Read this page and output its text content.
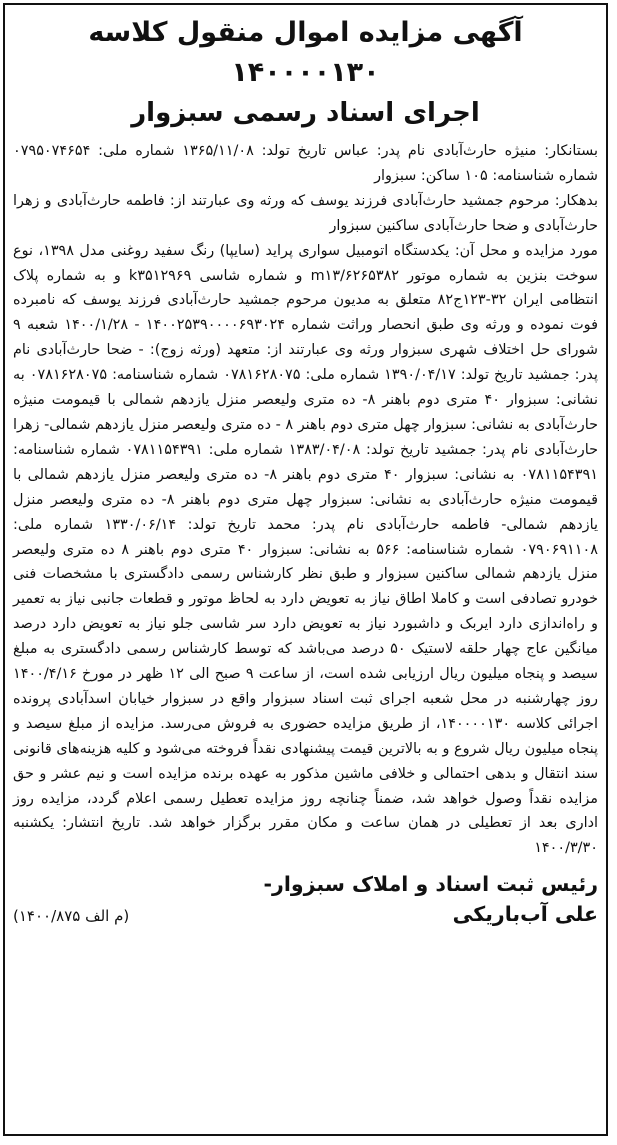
آگهی مزایده اموال منقول کلاسه ۱۴۰۰۰۰۱۳۰
اجرای اسناد رسمی سبزوار

بستانکار: منیژه حارث‌آبادی نام پدر: عباس تاریخ تولد: ۱۳۶۵/۱۱/۰۸ شماره ملی: ۰۷۹۵۰۷۴۶۵۴ شماره شناسنامه: ۱۰۵ ساکن: سبزوار

بدهکار: مرحوم جمشید حارث‌آبادی فرزند یوسف که ورثه وی عبارتند از: فاطمه حارث‌آبادی و زهرا حارث‌آبادی و ضحا حارث‌آبادی ساکنین سبزوار

مورد مزایده و محل آن: یکدستگاه اتومبیل سواری پراید (سایپا) رنگ سفید روغنی مدل ۱۳۹۸، نوع سوخت بنزین به شماره موتور m۱۳/۶۲۶۵۳۸۲ و شماره شاسی k۳۵۱۲۹۶۹ و به شماره پلاک انتظامی ایران ۳۲-۱۲۳ج۸۲ متعلق به مدیون مرحوم جمشید حارث‌آبادی فرزند یوسف که نامبرده فوت نموده و ورثه وی طبق انحصار وراثت شماره ۱۴۰۰۲۵۳۹۰۰۰۰۶۹۳۰۲۴ - ۱۴۰۰/۱/۲۸ شعبه ۹ شورای حل اختلاف شهری سبزوار ورثه وی عبارتند از: متعهد (ورثه زوج): - ضحا حارث‌آبادی نام پدر: جمشید تاریخ تولد: ۱۳۹۰/۰۴/۱۷ شماره ملی: ۰۷۸۱۶۲۸۰۷۵ شماره شناسنامه: ۰۷۸۱۶۲۸۰۷۵ به نشانی: سبزوار ۴۰ متری دوم باهنر ۸- ده متری ولیعصر منزل یازدهم شمالی با قیمومت منیژه حارث‌آبادی به نشانی: سبزوار چهل متری دوم باهنر ۸ - ده متری ولیعصر منزل یازدهم شمالی- زهرا حارث‌آبادی نام پدر: جمشید تاریخ تولد: ۱۳۸۳/۰۴/۰۸ شماره ملی: ۰۷۸۱۱۵۴۳۹۱ شماره شناسنامه: ۰۷۸۱۱۵۴۳۹۱ به نشانی: سبزوار ۴۰ متری دوم باهنر ۸- ده متری ولیعصر منزل یازدهم شمالی با قیمومت منیژه حارث‌آبادی به نشانی: سبزوار چهل متری دوم باهنر ۸- ده متری ولیعصر منزل یازدهم شمالی- فاطمه حارث‌آبادی نام پدر: محمد تاریخ تولد: ۱۳۳۰/۰۶/۱۴ شماره ملی: ۰۷۹۰۶۹۱۱۰۸ شماره شناسنامه: ۵۶۶ به نشانی: سبزوار ۴۰ متری دوم باهنر ۸ ده متری ولیعصر منزل یازدهم شمالی ساکنین سبزوار و طبق نظر کارشناس رسمی دادگستری با مشخصات فنی خودرو تصادفی است و کاملا اطاق نیاز به تعویض دارد به لحاظ موتور و قطعات جانبی نیاز به تعمیر و راه‌اندازی دارد ایربک و داشبورد نیاز به تعویض دارد سر شاسی جلو نیاز به تعویض دارد درصد میانگین عاج چهار حلقه لاستیک ۵۰ درصد می‌باشد که توسط کارشناس رسمی دادگستری به مبلغ سیصد و پنجاه میلیون ریال ارزیابی شده است، از ساعت ۹ صبح الی ۱۲ ظهر در مورخ ۱۴۰۰/۴/۱۶ روز چهارشنبه در محل شعبه اجرای ثبت اسناد سبزوار واقع در سبزوار خیابان اسدآبادی پرونده اجرائی کلاسه ۱۴۰۰۰۰۱۳۰، از طریق مزایده حضوری به فروش می‌رسد. مزایده از مبلغ سیصد و پنجاه میلیون ریال شروع و به بالاترین قیمت پیشنهادی نقداً فروخته می‌شود و کلیه هزینه‌های قانونی سند انتقال و بدهی احتمالی و خلافی ماشین مذکور به عهده برنده مزایده است و نیم عشر و حق مزایده نقداً وصول خواهد شد، ضمناً چنانچه روز مزایده تعطیل رسمی اعلام گردد، مزایده روز اداری بعد از تعطیلی در همان ساعت و مکان مقرر برگزار خواهد شد. تاریخ انتشار: یکشنبه ۱۴۰۰/۳/۳۰

رئیس ثبت اسناد و املاک سبزوار-
علی آب‌باریکی
(م الف ۱۴۰۰/۸۷۵)
